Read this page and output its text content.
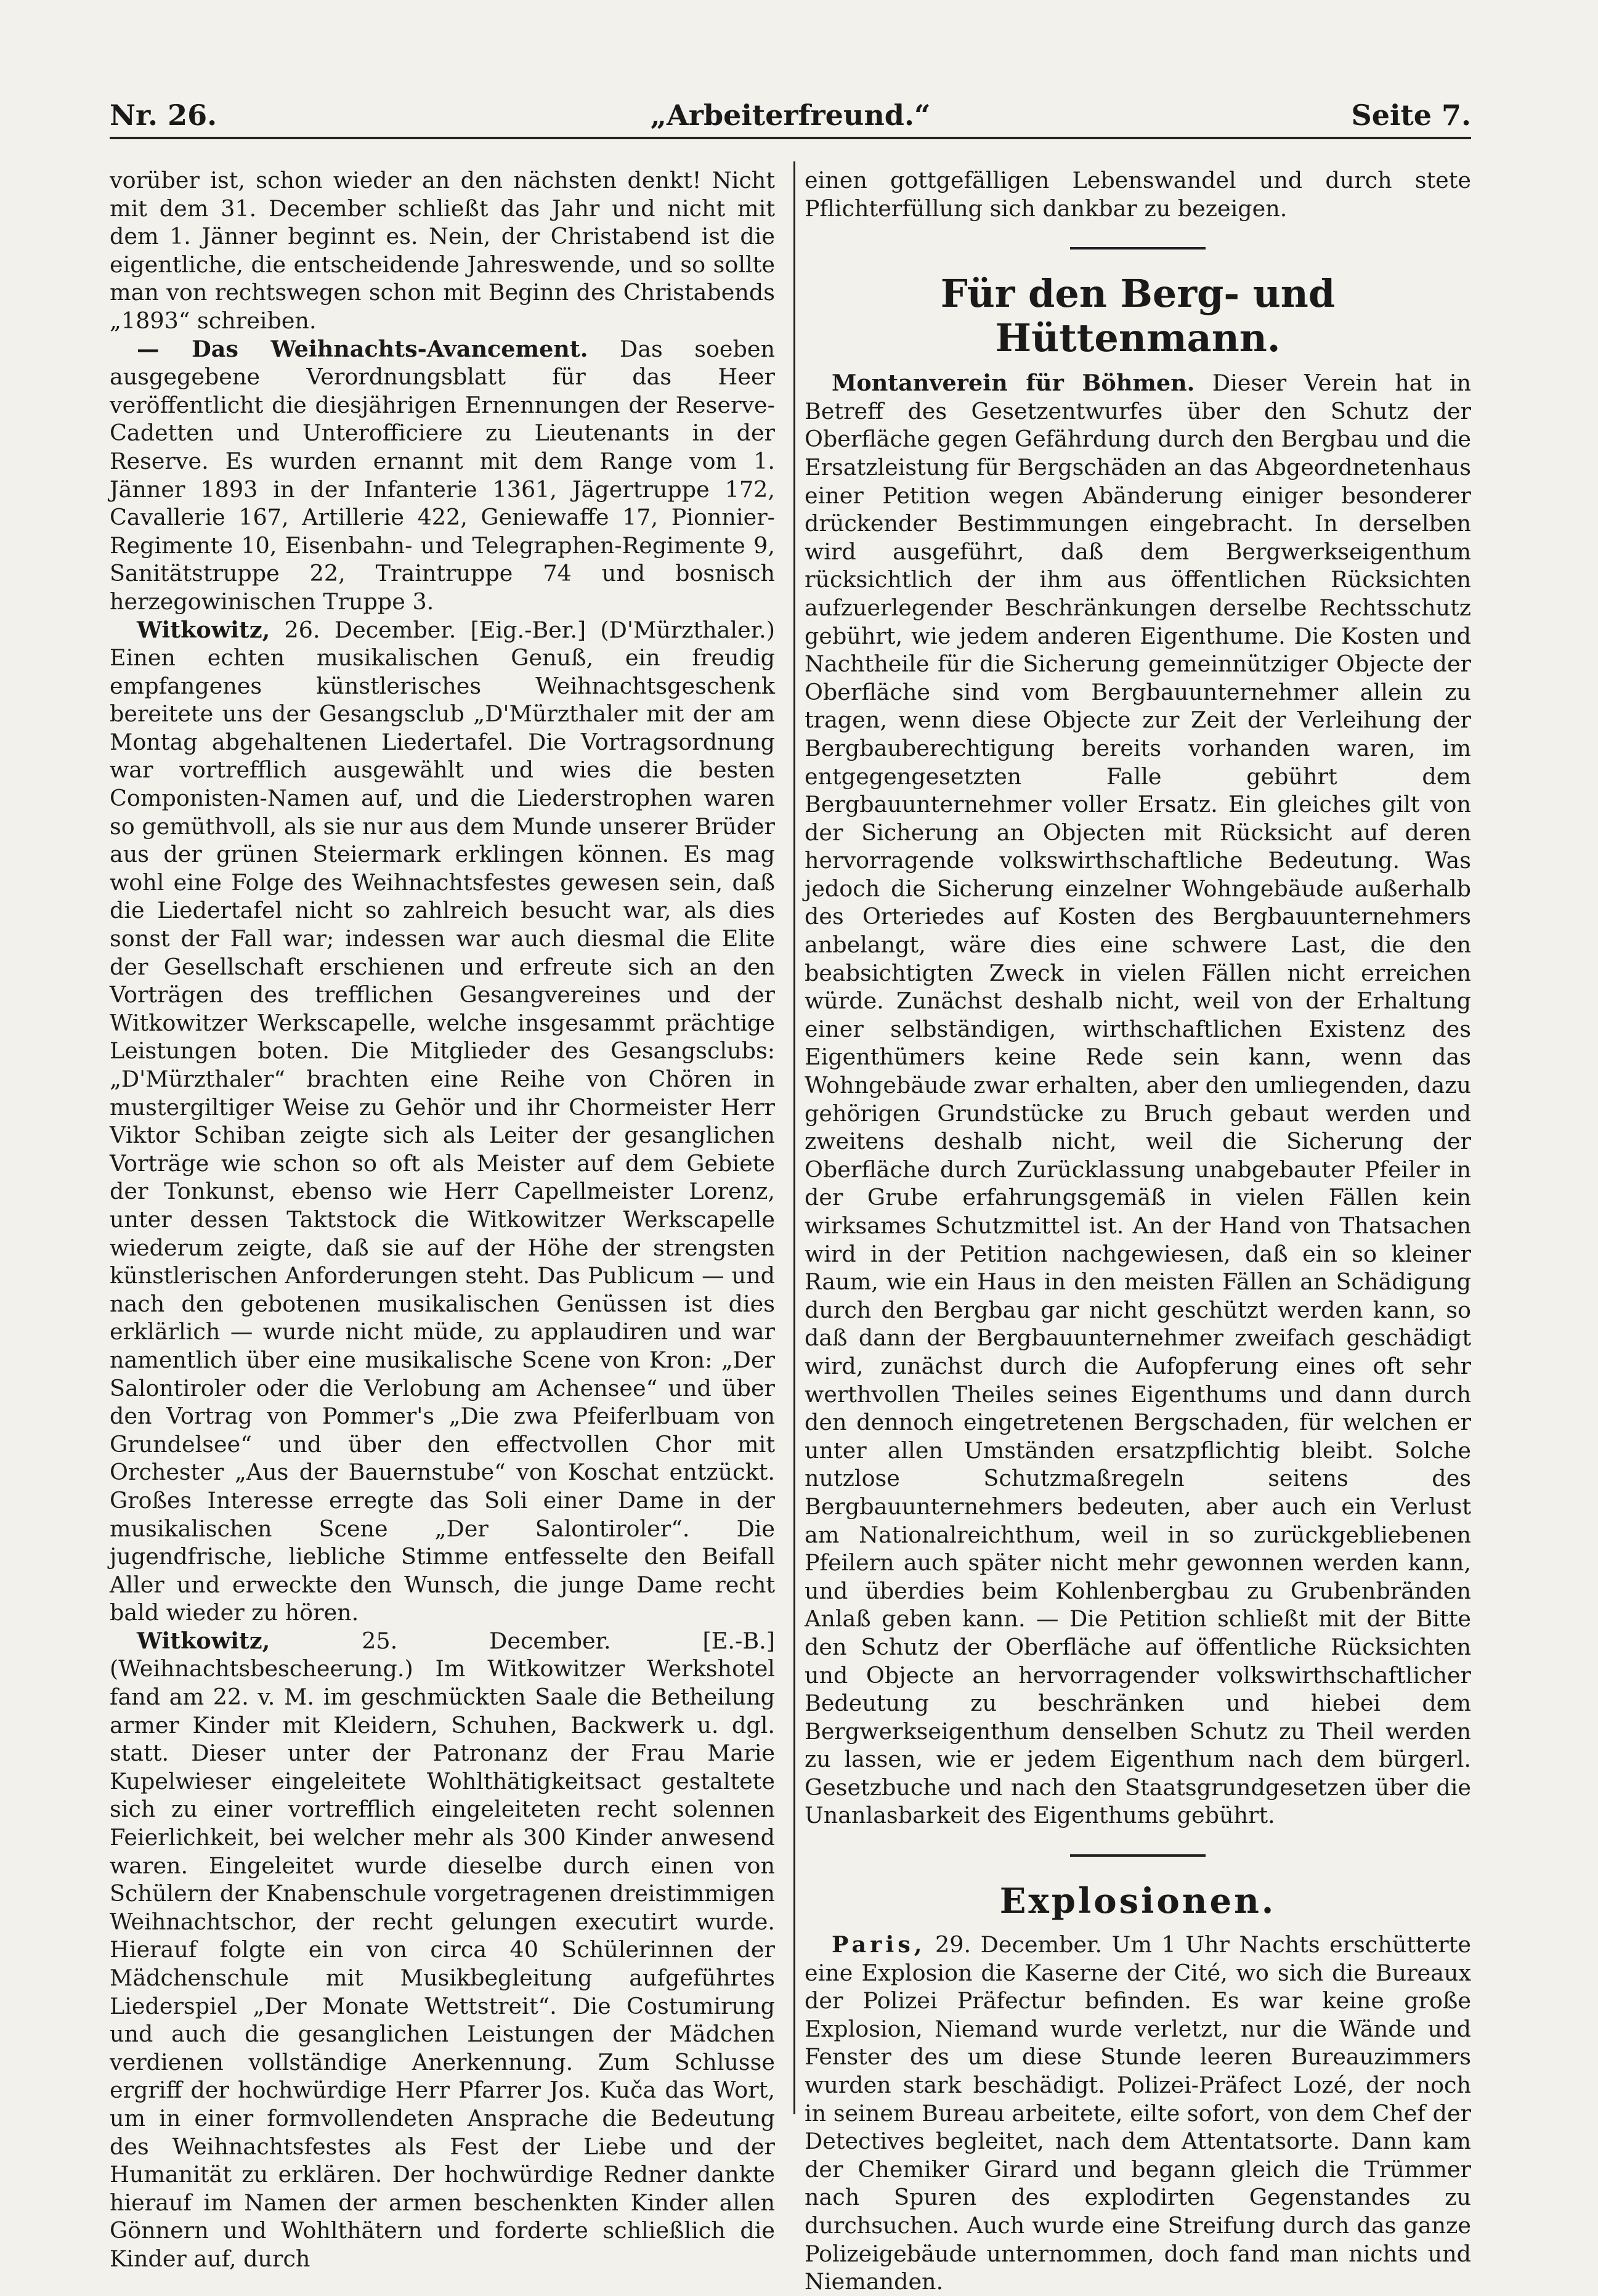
Nr. 26.	„Arbeiterfreund.“	Seite 7.

vorüber ist, schon wieder an den nächsten denkt! Nicht mit dem 31. December schließt das Jahr und nicht mit dem 1. Jänner beginnt es. Nein, der Christabend ist die eigentliche, die entscheidende Jahreswende, und so sollte man von rechtswegen schon mit Beginn des Christabends „1893“ schreiben.

— Das Weihnachts-Avancement. Das soeben ausgegebene Verordnungsblatt für das Heer veröffentlicht die diesjährigen Ernennungen der Reserve-Cadetten und Unterofficiere zu Lieutenants in der Reserve. Es wurden ernannt mit dem Range vom 1. Jänner 1893 in der Infanterie 1361, Jägertruppe 172, Cavallerie 167, Artillerie 422, Geniewaffe 17, Pionnier-Regimente 10, Eisenbahn- und Telegraphen-Regimente 9, Sanitätstruppe 22, Traintruppe 74 und bosnisch herzegowinischen Truppe 3.

Witkowitz, 26. December. [Eig.-Ber.] (D'Mürzthaler.) Einen echten musikalischen Genuß, ein freudig empfangenes künstlerisches Weihnachtsgeschenk bereitete uns der Gesangsclub „D'Mürzthaler mit der am Montag abgehaltenen Liedertafel. Die Vortragsordnung war vortrefflich ausgewählt und wies die besten Componisten-Namen auf, und die Liederstrophen waren so gemüthvoll, als sie nur aus dem Munde unserer Brüder aus der grünen Steiermark erklingen können. Es mag wohl eine Folge des Weihnachtsfestes gewesen sein, daß die Liedertafel nicht so zahlreich besucht war, als dies sonst der Fall war; indessen war auch diesmal die Elite der Gesellschaft erschienen und erfreute sich an den Vorträgen des trefflichen Gesangvereines und der Witkowitzer Werkscapelle, welche insgesammt prächtige Leistungen boten. Die Mitglieder des Gesangsclubs: „D'Mürzthaler“ brachten eine Reihe von Chören in mustergiltiger Weise zu Gehör und ihr Chormeister Herr Viktor Schiban zeigte sich als Leiter der gesanglichen Vorträge wie schon so oft als Meister auf dem Gebiete der Tonkunst, ebenso wie Herr Capellmeister Lorenz, unter dessen Taktstock die Witkowitzer Werkscapelle wiederum zeigte, daß sie auf der Höhe der strengsten künstlerischen Anforderungen steht. Das Publicum — und nach den gebotenen musikalischen Genüssen ist dies erklärlich — wurde nicht müde, zu applaudiren und war namentlich über eine musikalische Scene von Kron: „Der Salontiroler oder die Verlobung am Achensee“ und über den Vortrag von Pommer's „Die zwa Pfeiferlbuam von Grundelsee“ und über den effectvollen Chor mit Orchester „Aus der Bauernstube“ von Koschat entzückt. Großes Interesse erregte das Soli einer Dame in der musikalischen Scene „Der Salontiroler“. Die jugendfrische, liebliche Stimme entfesselte den Beifall Aller und erweckte den Wunsch, die junge Dame recht bald wieder zu hören.

Witkowitz, 25. December. [E.-B.] (Weihnachtsbescheerung.) Im Witkowitzer Werkshotel fand am 22. v. M. im geschmückten Saale die Betheilung armer Kinder mit Kleidern, Schuhen, Backwerk u. dgl. statt. Dieser unter der Patronanz der Frau Marie Kupelwieser eingeleitete Wohlthätigkeitsact gestaltete sich zu einer vortrefflich eingeleiteten recht solennen Feierlichkeit, bei welcher mehr als 300 Kinder anwesend waren. Eingeleitet wurde dieselbe durch einen von Schülern der Knabenschule vorgetragenen dreistimmigen Weihnachtschor, der recht gelungen executirt wurde. Hierauf folgte ein von circa 40 Schülerinnen der Mädchenschule mit Musikbegleitung aufgeführtes Liederspiel „Der Monate Wettstreit“. Die Costumirung und auch die gesanglichen Leistungen der Mädchen verdienen vollständige Anerkennung. Zum Schlusse ergriff der hochwürdige Herr Pfarrer Jos. Kuča das Wort, um in einer formvollendeten Ansprache die Bedeutung des Weihnachtsfestes als Fest der Liebe und der Humanität zu erklären. Der hochwürdige Redner dankte hierauf im Namen der armen beschenkten Kinder allen Gönnern und Wohlthätern und forderte schließlich die Kinder auf, durch

einen gottgefälligen Lebenswandel und durch stete Pflichterfüllung sich dankbar zu bezeigen.

Für den Berg- und Hüttenmann.

Montanverein für Böhmen. Dieser Verein hat in Betreff des Gesetzentwurfes über den Schutz der Oberfläche gegen Gefährdung durch den Bergbau und die Ersatzleistung für Bergschäden an das Abgeordnetenhaus einer Petition wegen Abänderung einiger besonderer drückender Bestimmungen eingebracht. In derselben wird ausgeführt, daß dem Bergwerkseigenthum rücksichtlich der ihm aus öffentlichen Rücksichten aufzuerlegender Beschränkungen derselbe Rechtsschutz gebührt, wie jedem anderen Eigenthume. Die Kosten und Nachtheile für die Sicherung gemeinnütziger Objecte der Oberfläche sind vom Bergbauunternehmer allein zu tragen, wenn diese Objecte zur Zeit der Verleihung der Bergbauberechtigung bereits vorhanden waren, im entgegengesetzten Falle gebührt dem Bergbauunternehmer voller Ersatz. Ein gleiches gilt von der Sicherung an Objecten mit Rücksicht auf deren hervorragende volkswirthschaftliche Bedeutung. Was jedoch die Sicherung einzelner Wohngebäude außerhalb des Orteriedes auf Kosten des Bergbauunternehmers anbelangt, wäre dies eine schwere Last, die den beabsichtigten Zweck in vielen Fällen nicht erreichen würde. Zunächst deshalb nicht, weil von der Erhaltung einer selbständigen, wirthschaftlichen Existenz des Eigenthümers keine Rede sein kann, wenn das Wohngebäude zwar erhalten, aber den umliegenden, dazu gehörigen Grundstücke zu Bruch gebaut werden und zweitens deshalb nicht, weil die Sicherung der Oberfläche durch Zurücklassung unabgebauter Pfeiler in der Grube erfahrungsgemäß in vielen Fällen kein wirksames Schutzmittel ist. An der Hand von Thatsachen wird in der Petition nachgewiesen, daß ein so kleiner Raum, wie ein Haus in den meisten Fällen an Schädigung durch den Bergbau gar nicht geschützt werden kann, so daß dann der Bergbauunternehmer zweifach geschädigt wird, zunächst durch die Aufopferung eines oft sehr werthvollen Theiles seines Eigenthums und dann durch den dennoch eingetretenen Bergschaden, für welchen er unter allen Umständen ersatzpflichtig bleibt. Solche nutzlose Schutzmaßregeln seitens des Bergbauunternehmers bedeuten, aber auch ein Verlust am Nationalreichthum, weil in so zurückgebliebenen Pfeilern auch später nicht mehr gewonnen werden kann, und überdies beim Kohlenbergbau zu Grubenbränden Anlaß geben kann. — Die Petition schließt mit der Bitte den Schutz der Oberfläche auf öffentliche Rücksichten und Objecte an hervorragender volkswirthschaftlicher Bedeutung zu beschränken und hiebei dem Bergwerkseigenthum denselben Schutz zu Theil werden zu lassen, wie er jedem Eigenthum nach dem bürgerl. Gesetzbuche und nach den Staatsgrundgesetzen über die Unanlasbarkeit des Eigenthums gebührt.

Explosionen.

Paris, 29. December. Um 1 Uhr Nachts erschütterte eine Explosion die Kaserne der Cité, wo sich die Bureaux der Polizei Präfectur befinden. Es war keine große Explosion, Niemand wurde verletzt, nur die Wände und Fenster des um diese Stunde leeren Bureauzimmers wurden stark beschädigt. Polizei-Präfect Lozé, der noch in seinem Bureau arbeitete, eilte sofort, von dem Chef der Detectives begleitet, nach dem Attentatsorte. Dann kam der Chemiker Girard und begann gleich die Trümmer nach Spuren des explodirten Gegenstandes zu durchsuchen. Auch wurde eine Streifung durch das ganze Polizeigebäude unternommen, doch fand man nichts und Niemanden.
